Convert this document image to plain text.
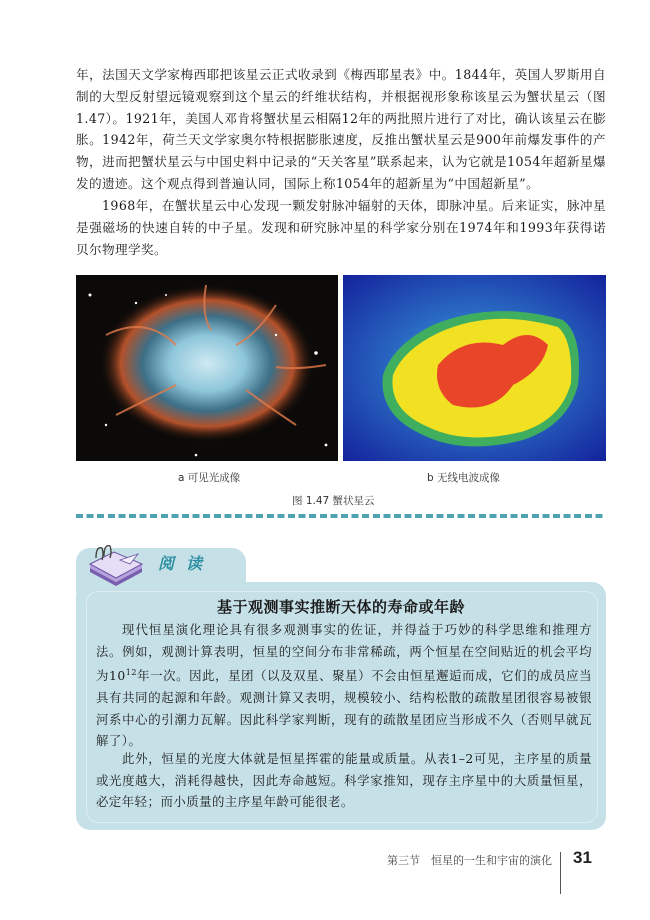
年，法国天文学家梅西耶把该星云正式收录到《梅西耶星表》中。1844年，英国人罗斯用自制的大型反射望远镜观察到这个星云的纤维状结构，并根据视形象称该星云为蟹状星云（图1.47）。1921年，美国人邓肯将蟹状星云相隔12年的两批照片进行了对比，确认该星云在膨胀。1942年，荷兰天文学家奥尔特根据膨胀速度，反推出蟹状星云是900年前爆发事件的产物，进而把蟹状星云与中国史料中记录的“天关客星”联系起来，认为它就是1054年超新星爆发的遗迹。这个观点得到普遍认同，国际上称1054年的超新星为“中国超新星”。

1968年，在蟹状星云中心发现一颗发射脉冲辐射的天体，即脉冲星。后来证实，脉冲星是强磁场的快速自转的中子星。发现和研究脉冲星的科学家分别在1974年和1993年获得诺贝尔物理学奖。

a 可见光成像	b 无线电波成像
图 1.47 蟹状星云
阅读
基于观测事实推断天体的寿命或年龄

现代恒星演化理论具有很多观测事实的佐证，并得益于巧妙的科学思维和推理方法。例如，观测计算表明，恒星的空间分布非常稀疏，两个恒星在空间贴近的机会平均为$10^{12}$年一次。因此，星团（以及双星、聚星）不会由恒星邂逅而成，它们的成员应当具有共同的起源和年龄。观测计算又表明，规模较小、结构松散的疏散星团很容易被银河系中心的引潮力瓦解。因此科学家判断，现有的疏散星团应当形成不久（否则早就瓦解了）。

此外，恒星的光度大体就是恒星挥霍的能量或质量。从表1–2可见，主序星的质量或光度越大，消耗得越快，因此寿命越短。科学家推知，现存主序星中的大质量恒星，必定年轻；而小质量的主序星年龄可能很老。

第三节　恒星的一生和宇宙的演化 31
